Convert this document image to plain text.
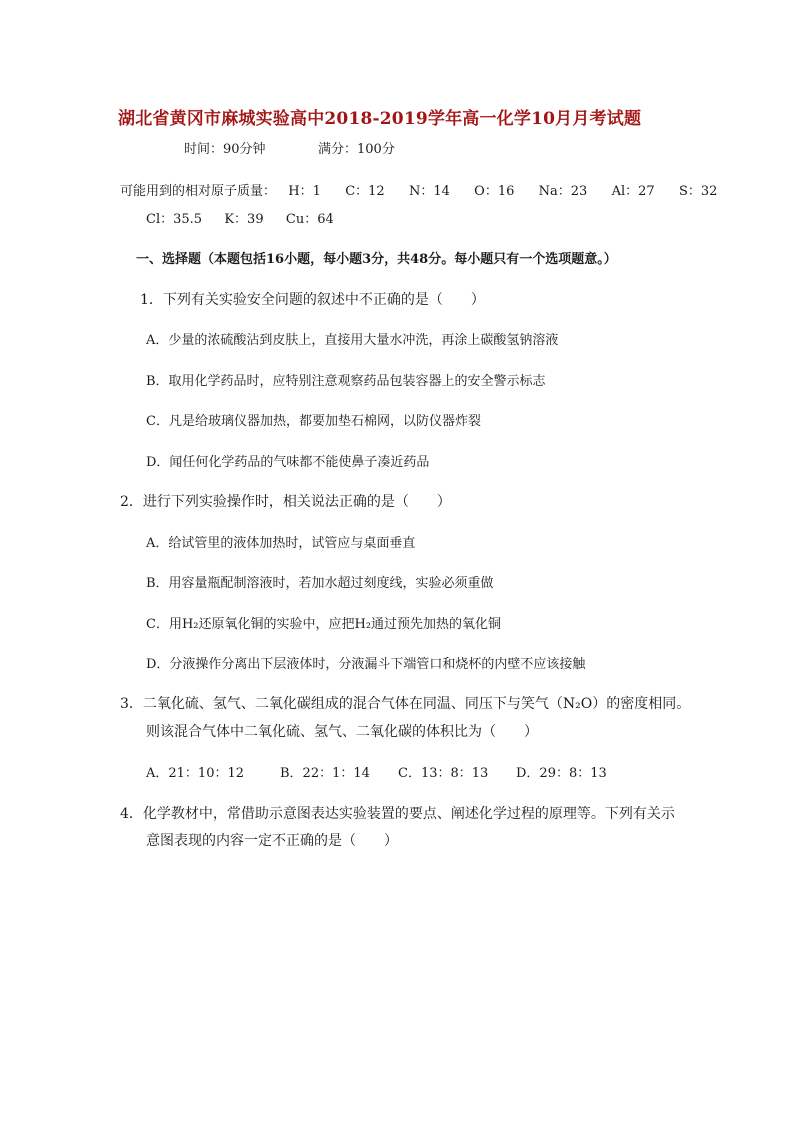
湖北省黄冈市麻城实验高中2018-2019学年高一化学10月月考试题
时间：90分钟	满分：100分
可能用到的相对原子质量： H：1 C：12 N：14 O：16 Na：23 Al：27 S：32
Cl：35.5 K：39 Cu：64
一、选择题（本题包括16小题，每小题3分，共48分。每小题只有一个选项题意。）
1．下列有关实验安全问题的叙述中不正确的是（　　）
A．少量的浓硫酸沾到皮肤上，直接用大量水冲洗，再涂上碳酸氢钠溶液
B．取用化学药品时，应特别注意观察药品包装容器上的安全警示标志
C．凡是给玻璃仪器加热，都要加垫石棉网，以防仪器炸裂
D．闻任何化学药品的气味都不能使鼻子凑近药品
2．进行下列实验操作时，相关说法正确的是（　　）
A．给试管里的液体加热时，试管应与桌面垂直
B．用容量瓶配制溶液时，若加水超过刻度线，实验必须重做
C．用H₂还原氧化铜的实验中，应把H₂通过预先加热的氧化铜
D．分液操作分离出下层液体时，分液漏斗下端管口和烧杯的内壁不应该接触
3．二氧化硫、氢气、二氧化碳组成的混合气体在同温、同压下与笑气（N₂O）的密度相同。
则该混合气体中二氧化硫、氢气、二氧化碳的体积比为（　　）
A．21：10：12	B．22：1：14 C．13：8：13 D．29：8：13
4．化学教材中，常借助示意图表达实验装置的要点、阐述化学过程的原理等。下列有关示
意图表现的内容一定不正确的是（　　）
